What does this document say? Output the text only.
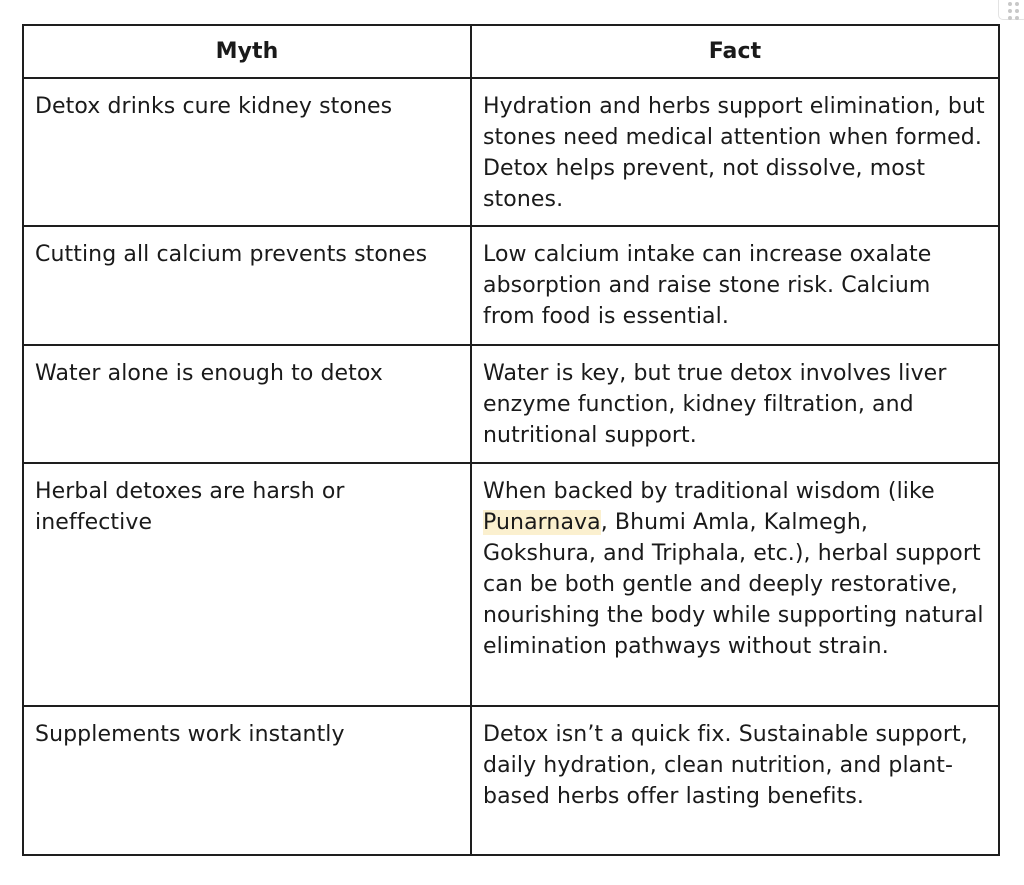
Myth	Fact
Detox drinks cure kidney stones	Hydration and herbs support elimination, but stones need medical attention when formed. Detox helps prevent, not dissolve, most stones.
Cutting all calcium prevents stones	Low calcium intake can increase oxalate absorption and raise stone risk. Calcium from food is essential.
Water alone is enough to detox	Water is key, but true detox involves liver enzyme function, kidney filtration, and nutritional support.
Herbal detoxes are harsh or ineffective	When backed by traditional wisdom (like Punarnava, Bhumi Amla, Kalmegh, Gokshura, and Triphala, etc.), herbal support can be both gentle and deeply restorative, nourishing the body while supporting natural elimination pathways without strain.
Supplements work instantly	Detox isn’t a quick fix. Sustainable support, daily hydration, clean nutrition, and plant-based herbs offer lasting benefits.
